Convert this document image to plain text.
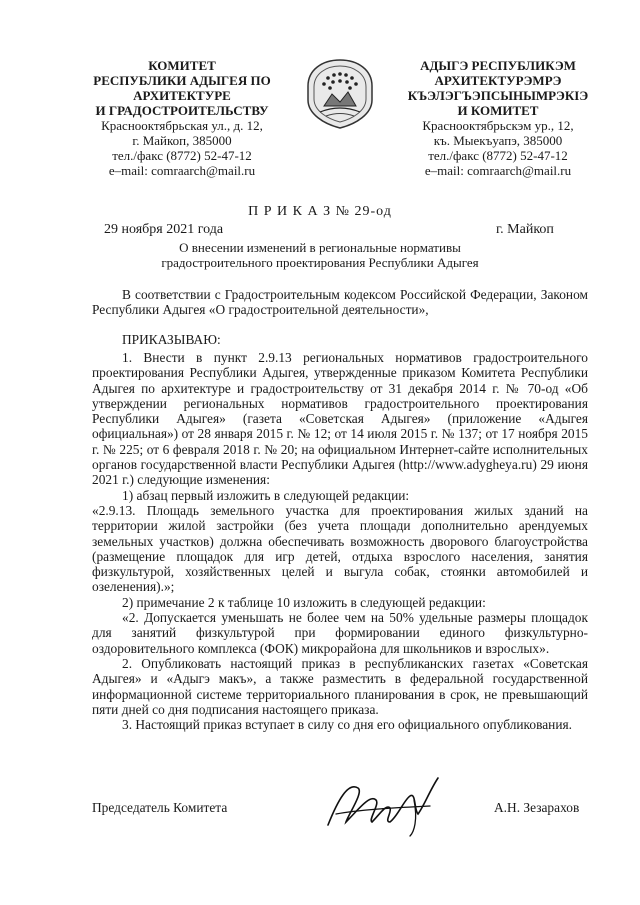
КОМИТЕТ
РЕСПУБЛИКИ АДЫГЕЯ ПО
АРХИТЕКТУРЕ
И ГРАДОСТРОИТЕЛЬСТВУ
Краснооктябрьская ул., д. 12,
г. Майкоп, 385000
тел./факс (8772) 52-47-12
e–mail: comraarch@mail.ru
АДЫГЭ РЕСПУБЛИКЭМ
АРХИТЕКТУРЭМРЭ
КЪЭЛЭГЪЭПСЫНЫМРЭКIЭ
И КОМИТЕТ
Краснооктябрьскэм ур., 12,
къ. Мыекъуапэ, 385000
тел./факс (8772) 52-47-12
e–mail: comraarch@mail.ru
П Р И К А З № 29-од
29 ноября 2021 года	г. Майкоп
О внесении изменений в региональные нормативы
градостроительного проектирования Республики Адыгея
В соответствии с Градостроительным кодексом Российской Федерации, Законом Республики Адыгея «О градостроительной деятельности»,
ПРИКАЗЫВАЮ:

1. Внести в пункт 2.9.13 региональных нормативов градостроительного проектирования Республики Адыгея, утвержденные приказом Комитета Республики Адыгея по архитектуре и градостроительству от 31 декабря 2014 г. № 70-од «Об утверждении региональных нормативов градостроительного проектирования Республики Адыгея» (газета «Советская Адыгея» (приложение «Адыгея официальная») от 28 января 2015 г. № 12; от 14 июля 2015 г. № 137; от 17 ноября 2015 г. № 225; от 6 февраля 2018 г. № 20; на официальном Интернет-сайте исполнительных органов государственной власти Республики Адыгея (http://www.adygheya.ru) 29 июня 2021 г.) следующие изменения:

1) абзац первый изложить в следующей редакции:

«2.9.13. Площадь земельного участка для проектирования жилых зданий на территории жилой застройки (без учета площади дополнительно арендуемых земельных участков) должна обеспечивать возможность дворового благоустройства (размещение площадок для игр детей, отдыха взрослого населения, занятия физкультурой, хозяйственных целей и выгула собак, стоянки автомобилей и озеленения).»;

2) примечание 2 к таблице 10 изложить в следующей редакции:

«2. Допускается уменьшать не более чем на 50% удельные размеры площадок для занятий физкультурой при формировании единого физкультурно-оздоровительного комплекса (ФОК) микрорайона для школьников и взрослых».

2. Опубликовать настоящий приказ в республиканских газетах «Советская Адыгея» и «Адыгэ макъ», а также разместить в федеральной государственной информационной системе территориального планирования в срок, не превышающий пяти дней со дня подписания настоящего приказа.

3. Настоящий приказ вступает в силу со дня его официального опубликования.

Председатель Комитета	А.Н. Зезарахов
